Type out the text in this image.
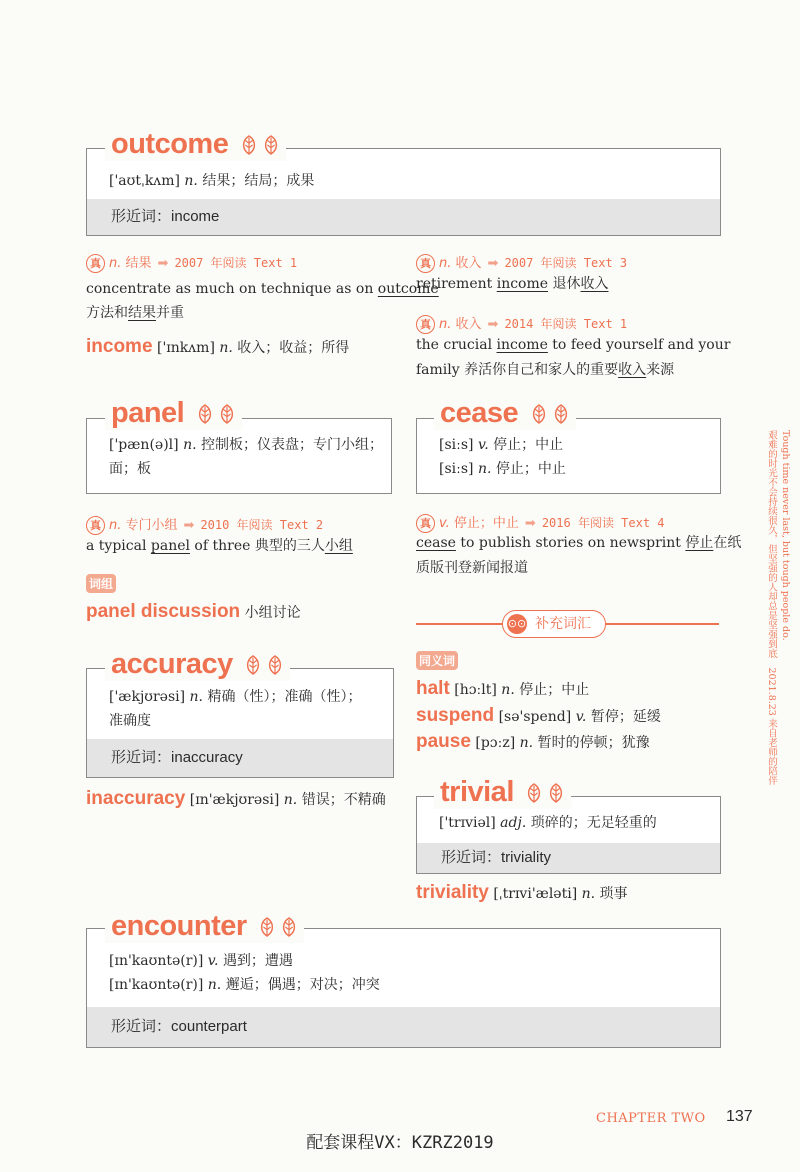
['aʊtˌkʌm] n. 结果；结局；成果
形近词：income
outcome
真 n. 结果 ➡ 2007 年阅读 Text 1
concentrate as much on technique as on outcome
方法和结果并重
income ['ɪnkʌm] n. 收入；收益；所得
真 n. 收入 ➡ 2007 年阅读 Text 3
retirement income 退休收入
真 n. 收入 ➡ 2014 年阅读 Text 1
the crucial income to feed yourself and your
family 养活你自己和家人的重要收入来源
['pæn(ə)l] n. 控制板；仪表盘；专门小组；
面；板
panel
真 n. 专门小组 ➡ 2010 年阅读 Text 2
a typical panel of three 典型的三人小组
词组
panel discussion 小组讨论
[siːs] v. 停止；中止
[siːs] n. 停止；中止
cease
真 v. 停止；中止 ➡ 2016 年阅读 Text 4
cease to publish stories on newsprint 停止在纸
质版刊登新闻报道
⊙⊙ 补充词汇
同义词
halt [hɔːlt] n. 停止；中止
suspend [sə'spend] v. 暂停；延缓
pause [pɔːz] n. 暂时的停顿；犹豫
['ækjʊrəsi] n. 精确（性）；准确（性）；
准确度
形近词：inaccuracy
accuracy
inaccuracy [ɪn'ækjʊrəsi] n. 错误；不精确
['trɪviəl] adj. 琐碎的；无足轻重的
形近词：triviality
trivial
triviality [ˌtrɪvi'æləti] n. 琐事
[ɪn'kaʊntə(r)] v. 遇到；遭遇
[ɪn'kaʊntə(r)] n. 邂逅；偶遇；对决；冲突
形近词：counterpart
encounter
Tough time never last, but tough people do.
艰难的时光不会持续很久，但坚强的人却总是坚强到底　2021.8.23 来自老师的陪伴
CHAPTER TWO 137
配套课程VX：KZRZ2019
